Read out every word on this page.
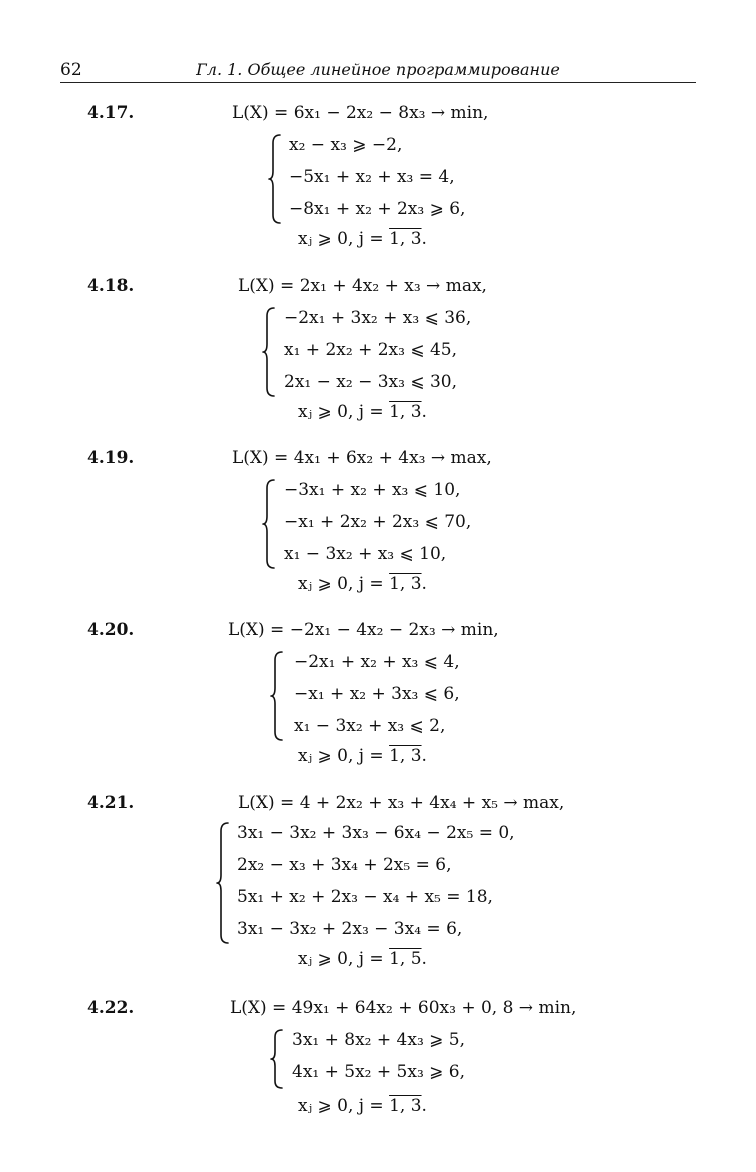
62	Гл. 1. Общее линейное программирование
4.17.	L(X) = 6x₁ − 2x₂ − 8x₃ → min,
x₂ − x₃ ⩾ −2,
−5x₁ + x₂ + x₃ = 4,
−8x₁ + x₂ + 2x₃ ⩾ 6,
xⱼ ⩾ 0, j = 1, 3.
4.18.	L(X) = 2x₁ + 4x₂ + x₃ → max,
−2x₁ + 3x₂ + x₃ ⩽ 36,
x₁ + 2x₂ + 2x₃ ⩽ 45,
2x₁ − x₂ − 3x₃ ⩽ 30,
xⱼ ⩾ 0, j = 1, 3.
4.19.	L(X) = 4x₁ + 6x₂ + 4x₃ → max,
−3x₁ + x₂ + x₃ ⩽ 10,
−x₁ + 2x₂ + 2x₃ ⩽ 70,
x₁ − 3x₂ + x₃ ⩽ 10,
xⱼ ⩾ 0, j = 1, 3.
4.20.	L(X) = −2x₁ − 4x₂ − 2x₃ → min,
−2x₁ + x₂ + x₃ ⩽ 4,
−x₁ + x₂ + 3x₃ ⩽ 6,
x₁ − 3x₂ + x₃ ⩽ 2,
xⱼ ⩾ 0, j = 1, 3.
4.21.	L(X) = 4 + 2x₂ + x₃ + 4x₄ + x₅ → max,
3x₁ − 3x₂ + 3x₃ − 6x₄ − 2x₅ = 0,
2x₂ − x₃ + 3x₄ + 2x₅ = 6,
5x₁ + x₂ + 2x₃ − x₄ + x₅ = 18,
3x₁ − 3x₂ + 2x₃ − 3x₄ = 6,
xⱼ ⩾ 0, j = 1, 5.
4.22.	L(X) = 49x₁ + 64x₂ + 60x₃ + 0, 8 → min,
3x₁ + 8x₂ + 4x₃ ⩾ 5,
4x₁ + 5x₂ + 5x₃ ⩾ 6,
xⱼ ⩾ 0, j = 1, 3.
